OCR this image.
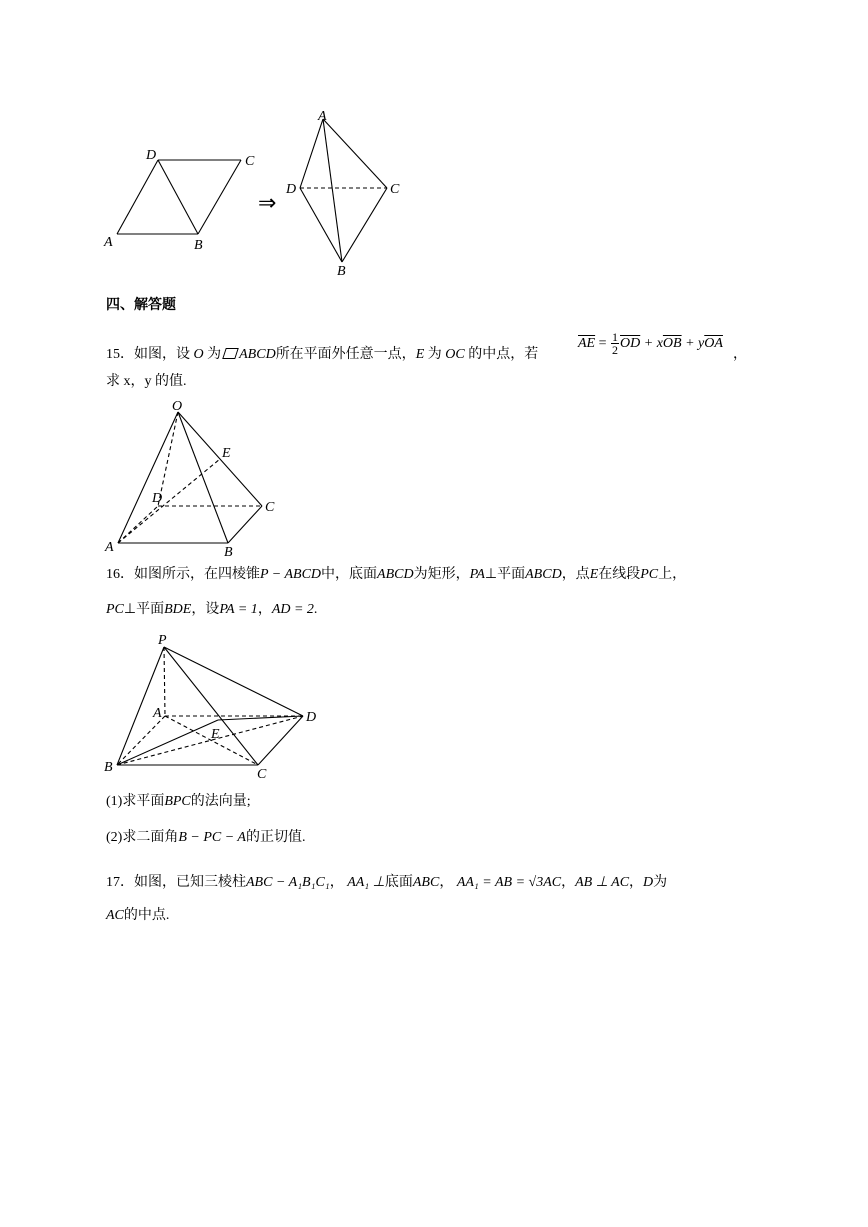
A	B
C
D
⇒
A
B
C
D
四、解答题
15．如图，设 O 为 ABCD所在平面外任意一点，E 为 OC 的中点，若
$\overline{AE} = \frac{1}{2} \overline{OD} + x\overline{OB} + y\overline{OA}$
，
求 x，y 的值.
O
E
D
C
A	B
16．如图所示，在四棱锥P − ABCD中，底面ABCD为矩形，PA⊥平面ABCD，点E在线段PC上，
PC⊥平面BDE，设PA = 1，AD = 2.
P
A	D
E
B	C
(1)求平面BPC的法向量;
(2)求二面角B − PC − A的正切值.
17．如图，已知三棱柱ABC − A₁B₁C₁， AA₁ ⊥底面ABC， AA₁ = AB = √3AC，AB ⊥ AC，D为
AC的中点.
